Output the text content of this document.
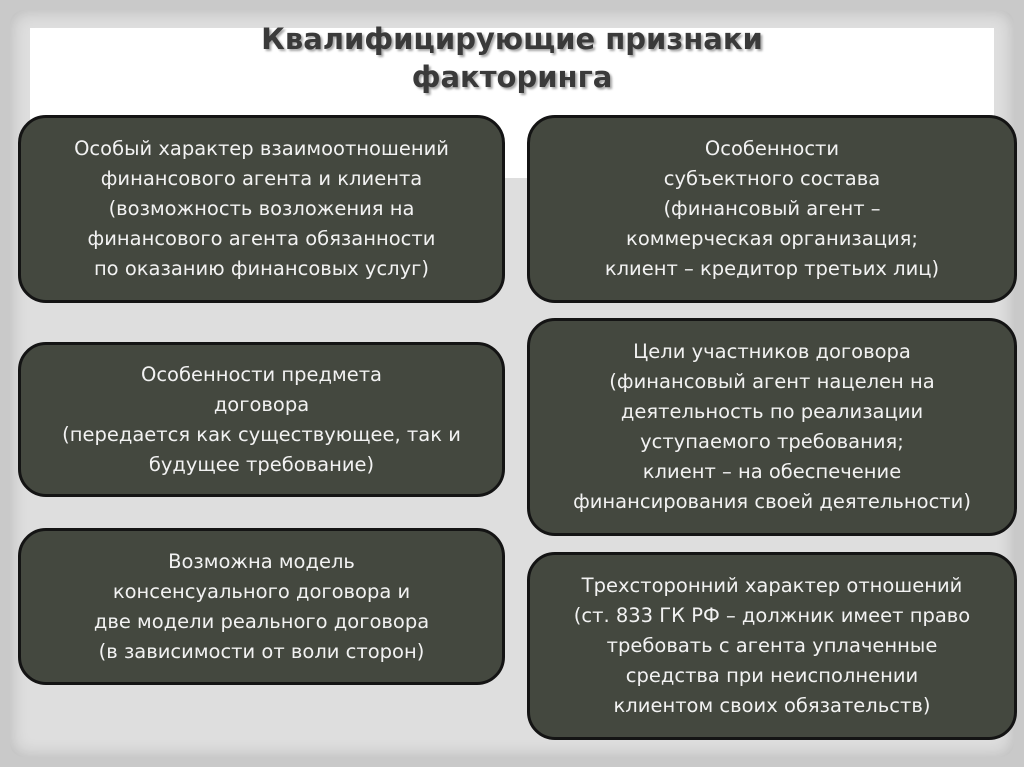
Квалифицирующие признаки
факторинга
Особый характер взаимоотношений
финансового агента и клиента
(возможность возложения на
финансового агента обязанности
по оказанию финансовых услуг)
Особенности
субъектного состава
(финансовый агент –
коммерческая организация;
клиент – кредитор третьих лиц)
Особенности предмета
договора
(передается как существующее, так и
будущее требование)
Цели участников договора
(финансовый агент нацелен на
деятельность по реализации
уступаемого требования;
клиент – на обеспечение
финансирования своей деятельности)
Возможна модель
консенсуального договора и
две модели реального договора
(в зависимости от воли сторон)
Трехсторонний характер отношений
(ст. 833 ГК РФ – должник имеет право
требовать с агента уплаченные
средства при неисполнении
клиентом своих обязательств)
